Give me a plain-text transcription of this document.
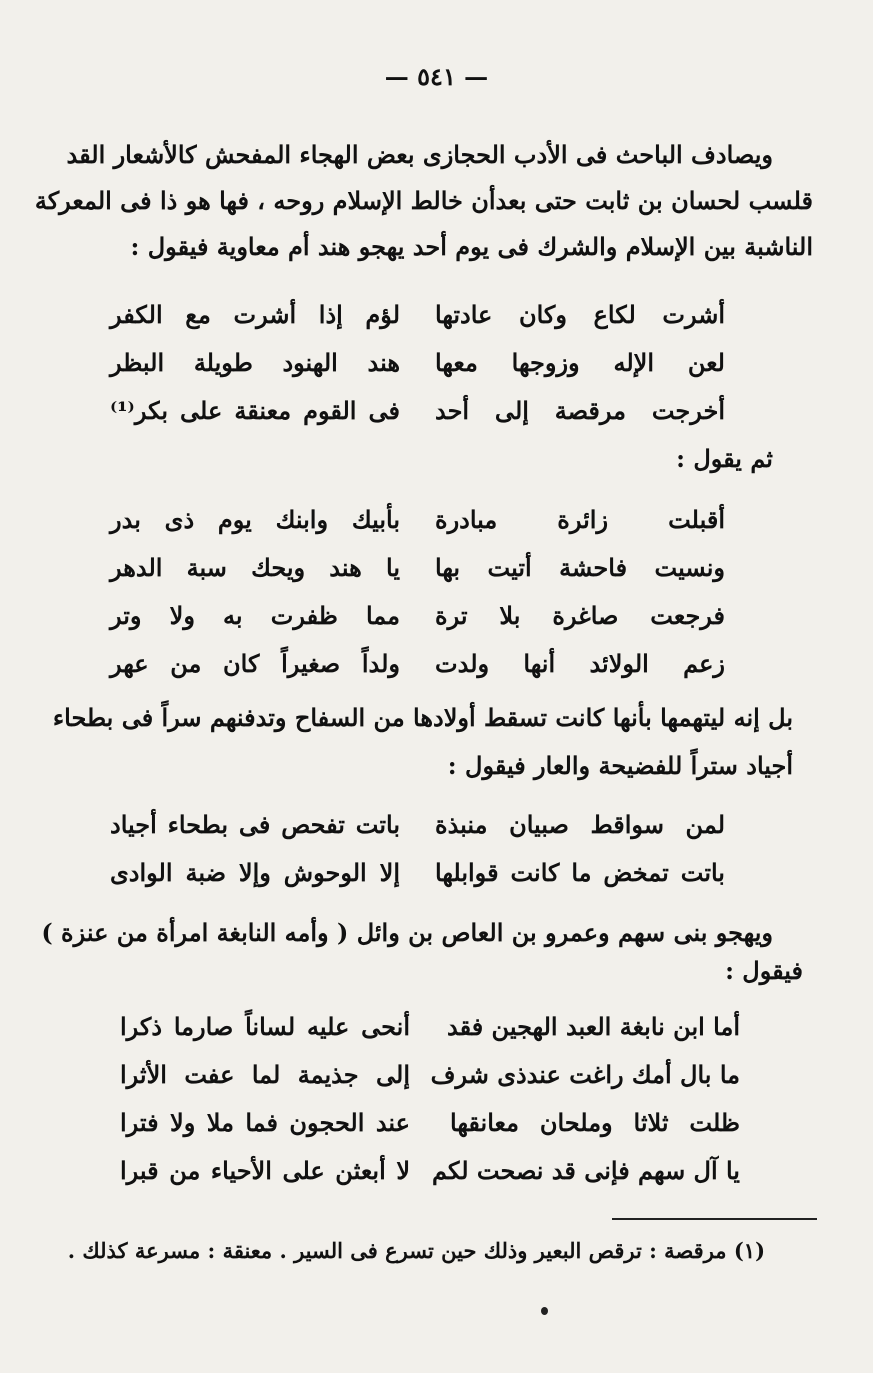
— ٥٤١ —
ويصادف الباحث فى الأدب الحجازى بعض الهجاء المفحش كالأشعار القد
قلسب لحسان بن ثابت حتى بعدأن خالط الإسلام روحه ، فها هو ذا فى المعركة
الناشبة بين الإسلام والشرك فى يوم أحد يهجو هند أم معاوية فيقول :
أشرت لكاع وكان عادتها
لؤم إذا أشرت مع الكفر
لعن الإله وزوجها معها
هند الهنود طويلة البظر
أخرجت مرقصة إلى أحد
فى القوم معنقة على بكر⁽¹⁾
ثم يقول :
أقبلت زائرة مبادرة
بأبيك وابنك يوم ذى بدر
ونسيت فاحشة أتيت بها
يا هند ويحك سبة الدهر
فرجعت صاغرة بلا ترة
مما ظفرت به ولا وتر
زعم الولائد أنها ولدت
ولداً صغيراً كان من عهر
بل إنه ليتهمها بأنها كانت تسقط أولادها من السفاح وتدفنهم سراً فى بطحاء
أجياد ستراً للفضيحة والعار فيقول :
لمن سواقط صبيان منبذة
باتت تفحص فى بطحاء أجياد
باتت تمخض ما كانت قوابلها
إلا الوحوش وإلا ضبة الوادى
ويهجو بنى سهم وعمرو بن العاص بن وائل ( وأمه النابغة امرأة من عنزة )
فيقول :
أما ابن نابغة العبد الهجين فقد
أنحى عليه لساناً صارما ذكرا
ما بال أمك راغت عندذى شرف
إلى جذيمة لما عفت الأثرا
ظلت ثلاثا وملحان معانقها
عند الحجون فما ملا ولا فترا
يا آل سهم فإنى قد نصحت لكم
لا أبعثن على الأحياء من قبرا
(١) مرقصة : ترقص البعير وذلك حين تسرع فى السير . معنقة : مسرعة كذلك .
